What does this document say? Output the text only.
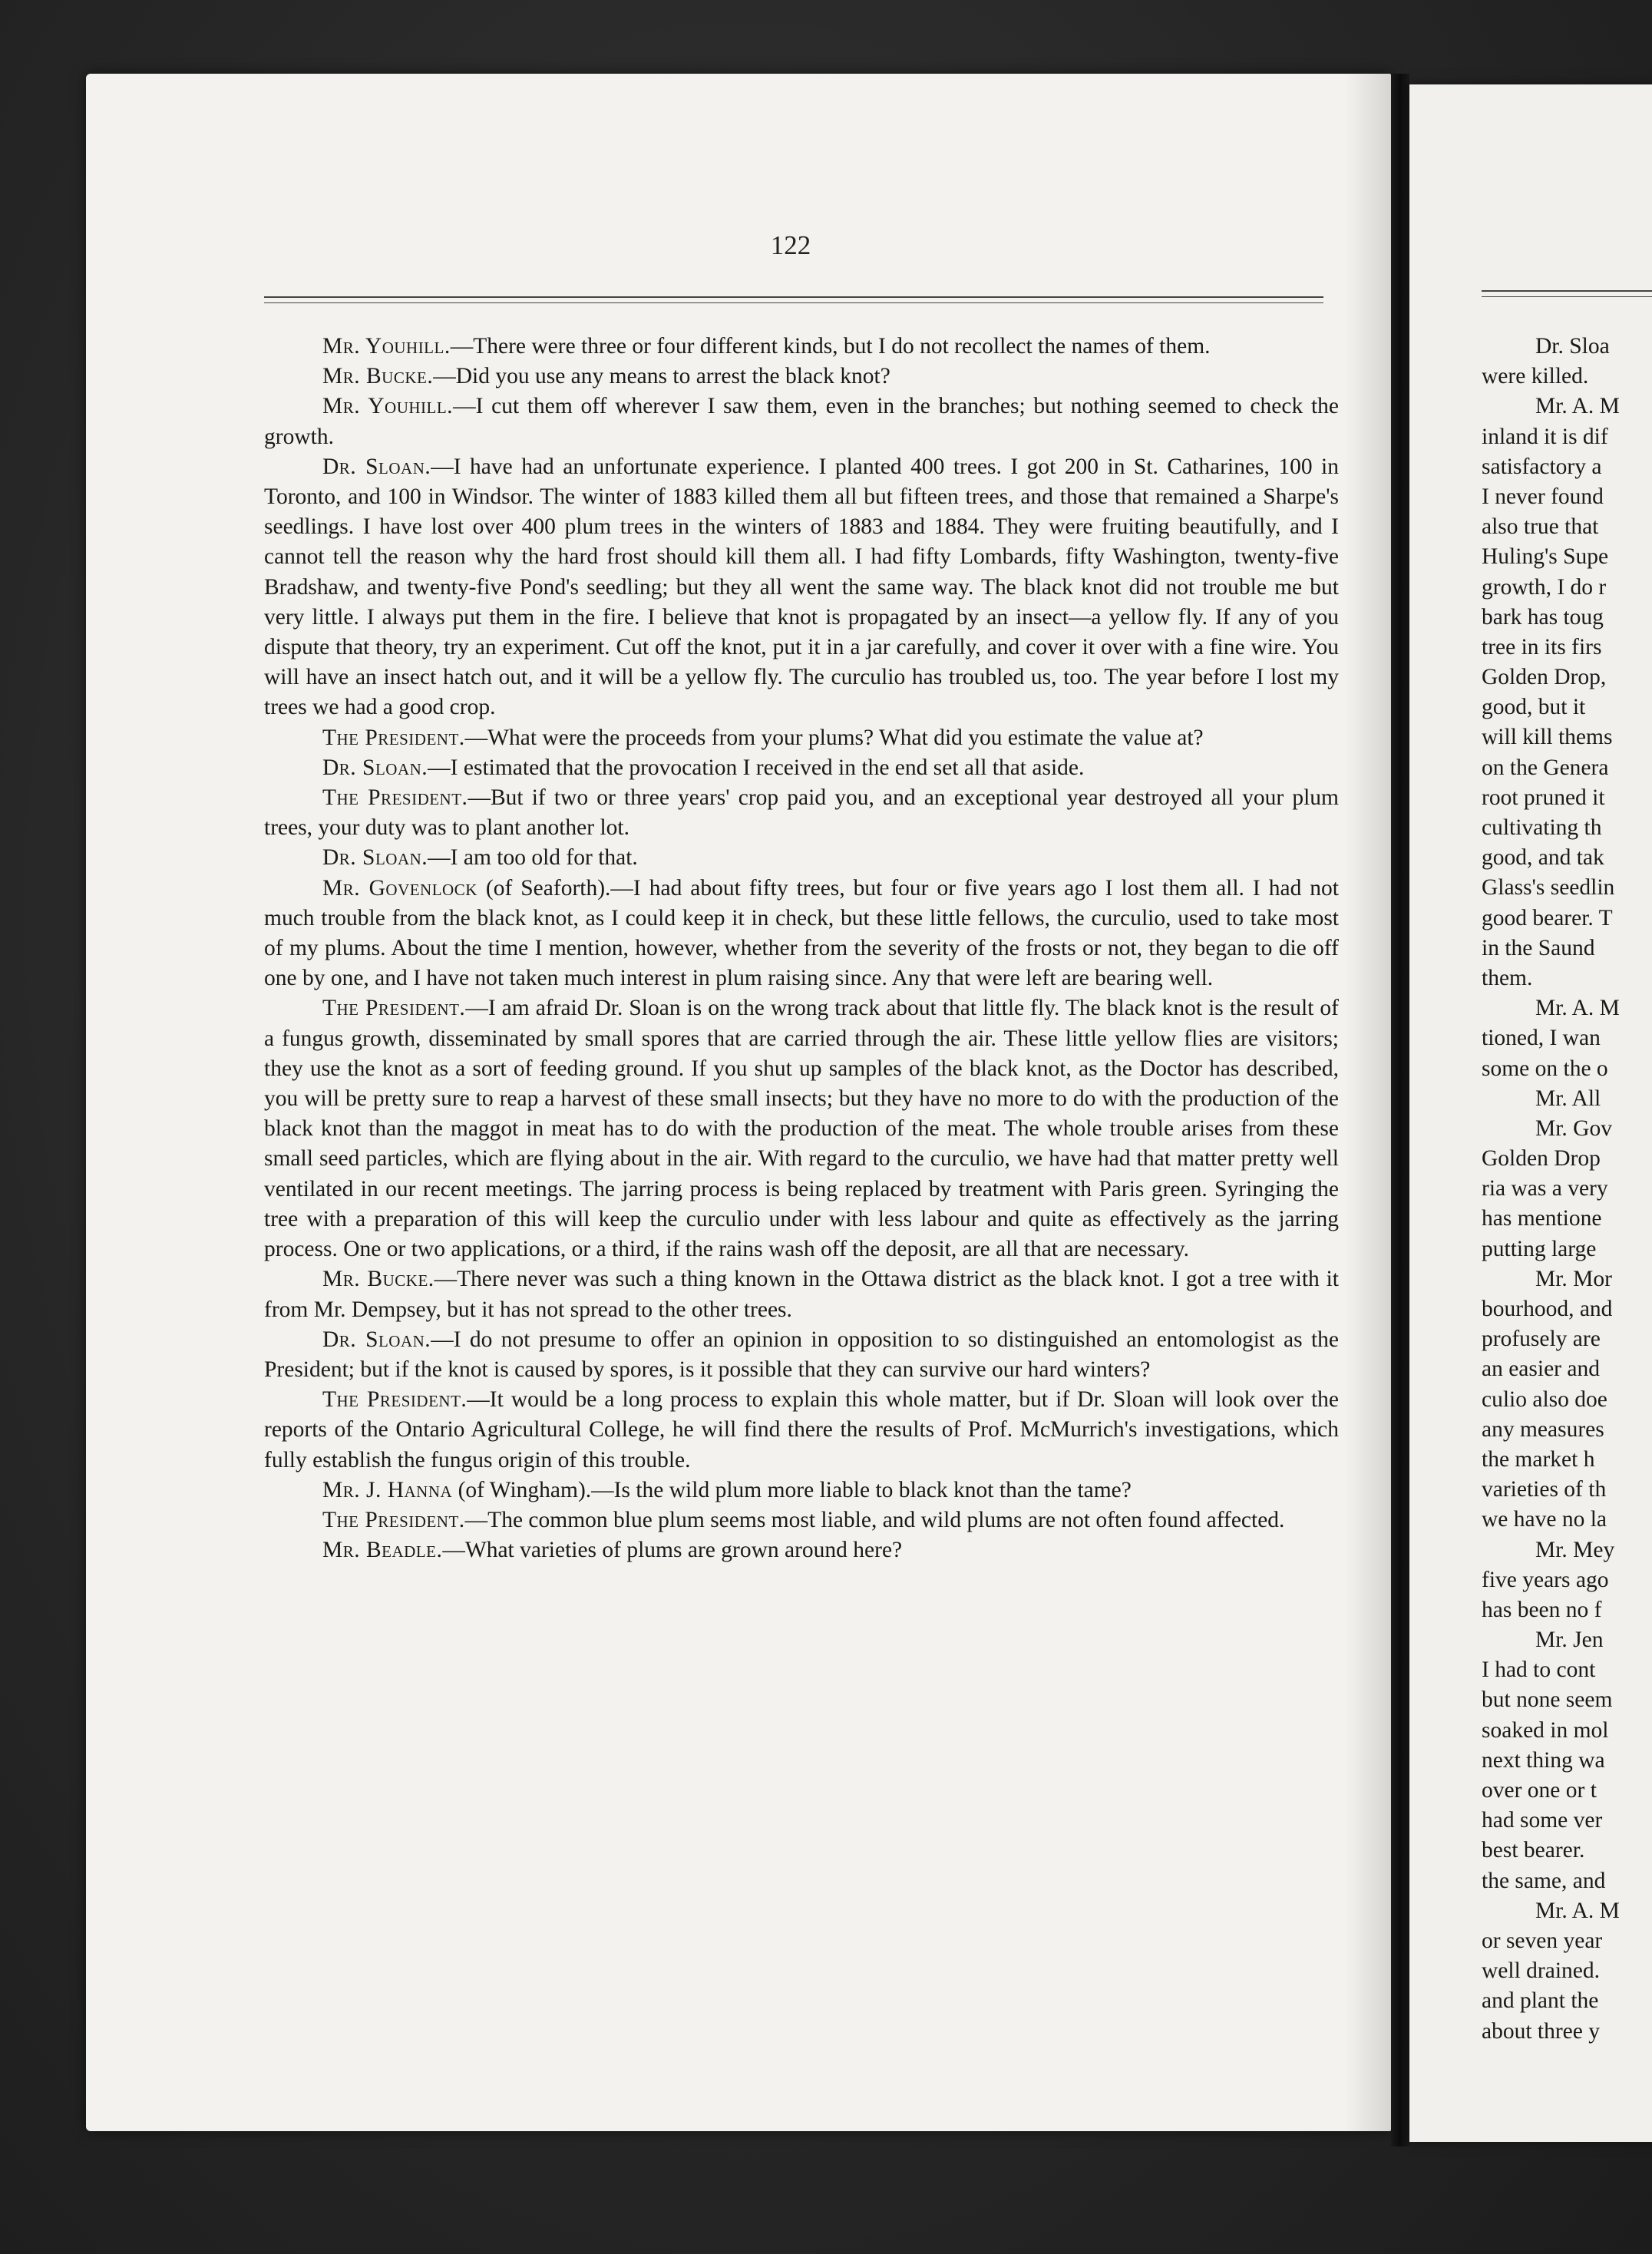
122

Mr. Youhill.—There were three or four different kinds, but I do not recollect the names of them.

Mr. Bucke.—Did you use any means to arrest the black knot?

Mr. Youhill.—I cut them off wherever I saw them, even in the branches; but nothing seemed to check the growth.

Dr. Sloan.—I have had an unfortunate experience. I planted 400 trees. I got 200 in St. Catharines, 100 in Toronto, and 100 in Windsor. The winter of 1883 killed them all but fifteen trees, and those that remained a Sharpe's seedlings. I have lost over 400 plum trees in the winters of 1883 and 1884. They were fruiting beautifully, and I cannot tell the reason why the hard frost should kill them all. I had fifty Lombards, fifty Washington, twenty-five Bradshaw, and twenty-five Pond's seedling; but they all went the same way. The black knot did not trouble me but very little. I always put them in the fire. I believe that knot is propagated by an insect—a yellow fly. If any of you dispute that theory, try an experiment. Cut off the knot, put it in a jar carefully, and cover it over with a fine wire. You will have an insect hatch out, and it will be a yellow fly. The curculio has troubled us, too. The year before I lost my trees we had a good crop.

The President.—What were the proceeds from your plums? What did you estimate the value at?

Dr. Sloan.—I estimated that the provocation I received in the end set all that aside.

The President.—But if two or three years' crop paid you, and an exceptional year destroyed all your plum trees, your duty was to plant another lot.

Dr. Sloan.—I am too old for that.

Mr. Govenlock (of Seaforth).—I had about fifty trees, but four or five years ago I lost them all. I had not much trouble from the black knot, as I could keep it in check, but these little fellows, the curculio, used to take most of my plums. About the time I mention, however, whether from the severity of the frosts or not, they began to die off one by one, and I have not taken much interest in plum raising since. Any that were left are bearing well.

The President.—I am afraid Dr. Sloan is on the wrong track about that little fly. The black knot is the result of a fungus growth, disseminated by small spores that are carried through the air. These little yellow flies are visitors; they use the knot as a sort of feeding ground. If you shut up samples of the black knot, as the Doctor has described, you will be pretty sure to reap a harvest of these small insects; but they have no more to do with the production of the black knot than the maggot in meat has to do with the production of the meat. The whole trouble arises from these small seed particles, which are flying about in the air. With regard to the curculio, we have had that matter pretty well ventilated in our recent meetings. The jarring process is being replaced by treatment with Paris green. Syringing the tree with a preparation of this will keep the curculio under with less labour and quite as effectively as the jarring process. One or two applications, or a third, if the rains wash off the deposit, are all that are necessary.

Mr. Bucke.—There never was such a thing known in the Ottawa district as the black knot. I got a tree with it from Mr. Dempsey, but it has not spread to the other trees.

Dr. Sloan.—I do not presume to offer an opinion in opposition to so distinguished an entomologist as the President; but if the knot is caused by spores, is it possible that they can survive our hard winters?

The President.—It would be a long process to explain this whole matter, but if Dr. Sloan will look over the reports of the Ontario Agricultural College, he will find there the results of Prof. McMurrich's investigations, which fully establish the fungus origin of this trouble.

Mr. J. Hanna (of Wingham).—Is the wild plum more liable to black knot than the tame?

The President.—The common blue plum seems most liable, and wild plums are not often found affected.

Mr. Beadle.—What varieties of plums are grown around here?

Dr. Sloa
were killed.
Mr. A. M
inland it is dif
satisfactory a
I never found
also true that
Huling's Supe
growth, I do r
bark has toug
tree in its firs
Golden Drop,
good, but it
will kill thems
on the Genera
root pruned it
cultivating th
good, and tak
Glass's seedlin
good bearer. T
in the Saund
them.
Mr. A. M
tioned, I wan
some on the o
Mr. All
Mr. Gov
Golden Drop
ria was a very
has mentione
putting large
Mr. Mor
bourhood, and
profusely are
an easier and
culio also doe
any measures
the market h
varieties of th
we have no la
Mr. Mey
five years ago
has been no f
Mr. Jen
I had to cont
but none seem
soaked in mol
next thing wa
over one or t
had some ver
best bearer.
the same, and
Mr. A. M
or seven year
well drained.
and plant the
about three y
